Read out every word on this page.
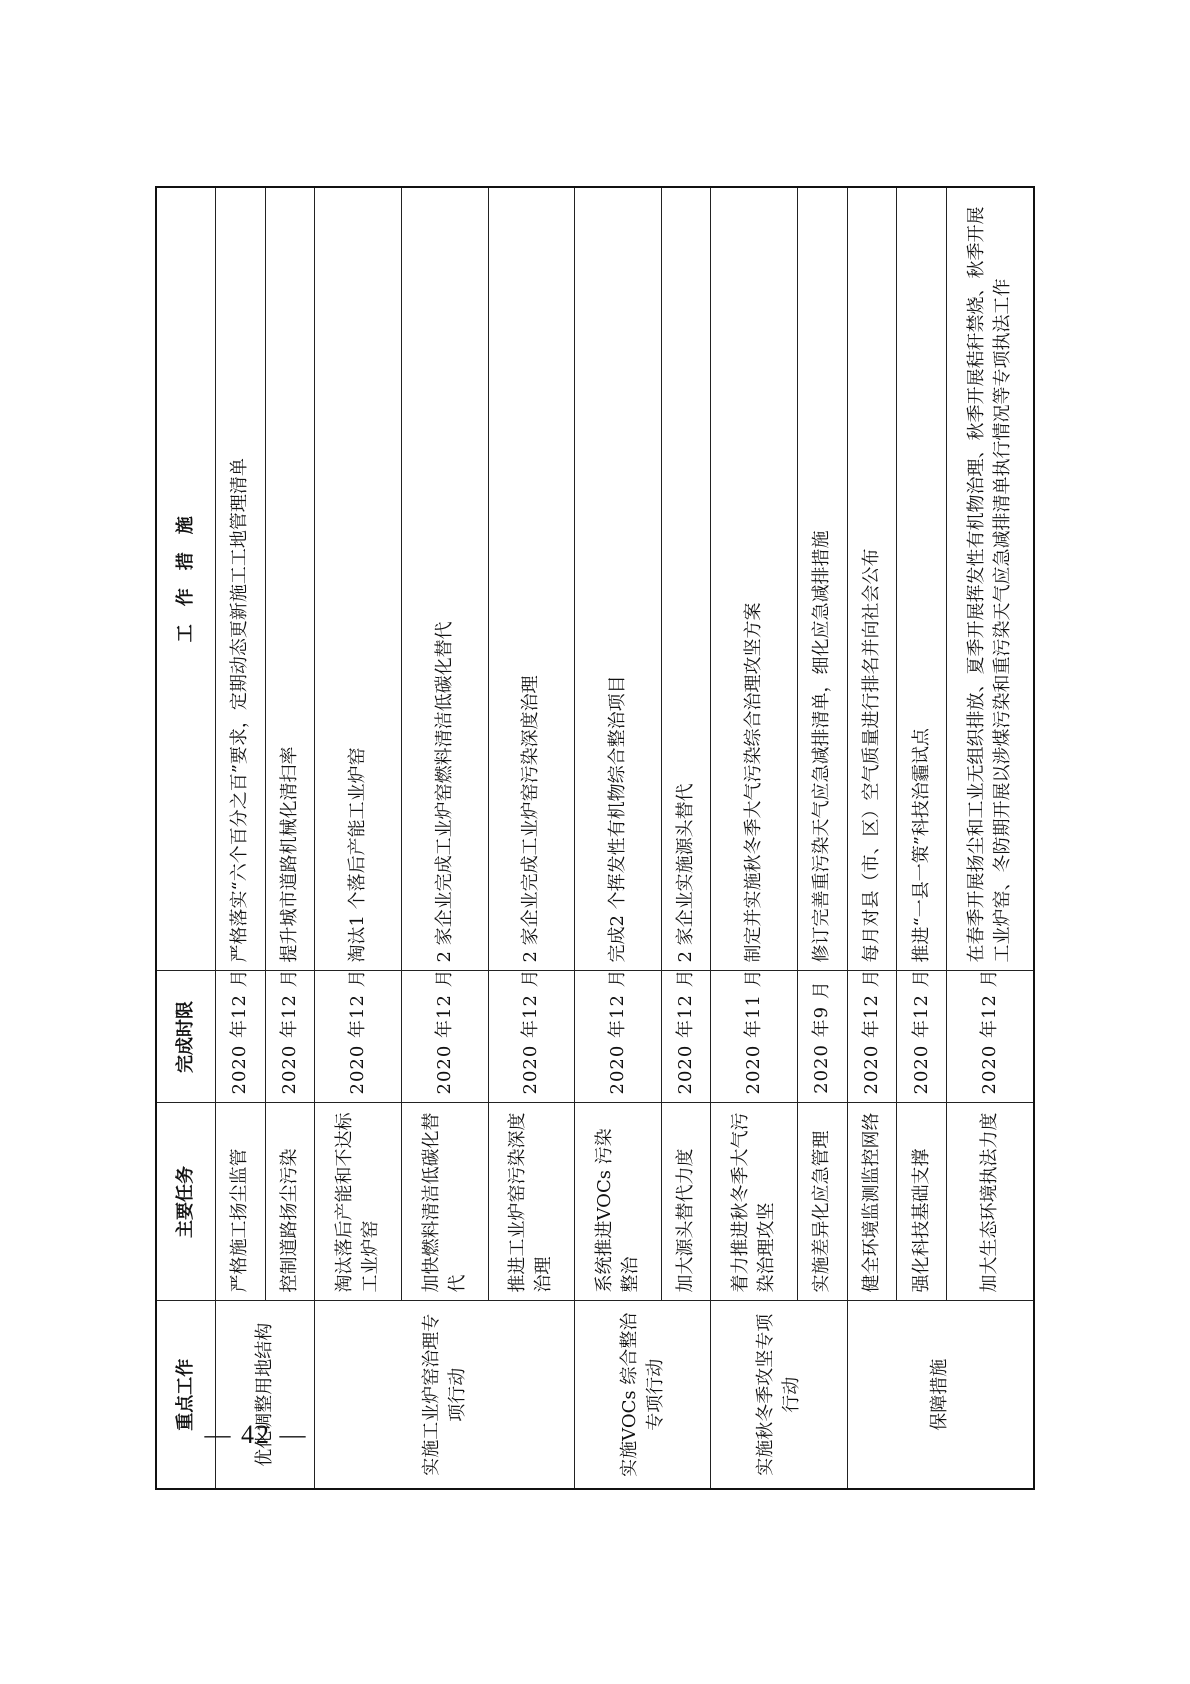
重点工作	主要任务	完成时限	工　作　措　施
优化调整用地结构	严格施工扬尘监管	2020 年12 月	严格落实“六个百分之百”要求，定期动态更新施工工地管理清单
	控制道路扬尘污染	2020 年12 月	提升城市道路机械化清扫率
实施工业炉窑治理专项行动	淘汰落后产能和不达标工业炉窑	2020 年12 月	淘汰1 个落后产能工业炉窑
	加快燃料清洁低碳化替代	2020 年12 月	2 家企业完成工业炉窑燃料清洁低碳化替代
	推进工业炉窑污染深度治理	2020 年12 月	2 家企业完成工业炉窑污染深度治理
实施VOCs 综合整治专项行动	系统推进VOCs 污染整治	2020 年12 月	完成2 个挥发性有机物综合整治项目
	加大源头替代力度	2020 年12 月	2 家企业实施源头替代
实施秋冬季攻坚专项行动	着力推进秋冬季大气污染治理攻坚	2020 年11 月	制定并实施秋冬季大气污染综合治理攻坚方案
	实施差异化应急管理	2020 年9 月	修订完善重污染天气应急减排清单，细化应急减排措施
保障措施	健全环境监测监控网络	2020 年12 月	每月对县（市、区）空气质量进行排名并向社会公布
	强化科技基础支撑	2020 年12 月	推进“一县一策”科技治霾试点
	加大生态环境执法力度	2020 年12 月	在春季开展扬尘和工业无组织排放、夏季开展挥发性有机物治理、秋季开展秸秆禁烧、秋季开展工业炉窑、冬防期开展以涉煤污染和重污染天气应急减排清单执行情况等专项执法工作
— 42 —
